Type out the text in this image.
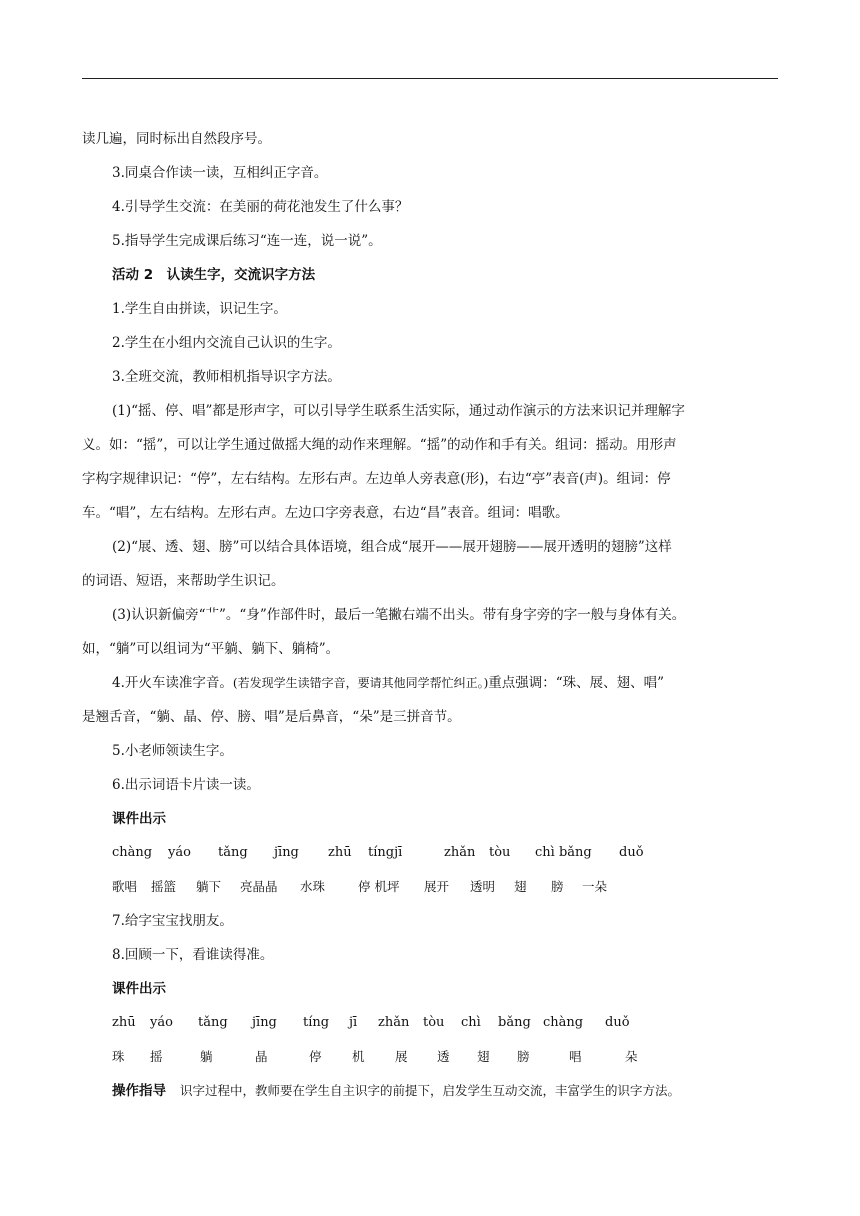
读几遍，同时标出自然段序号。

3.同桌合作读一读，互相纠正字音。

4.引导学生交流：在美丽的荷花池发生了什么事？

5.指导学生完成课后练习“连一连，说一说”。

活动 2　认读生字，交流识字方法

1.学生自由拼读，识记生字。

2.学生在小组内交流自己认识的生字。

3.全班交流，教师相机指导识字方法。

(1)“摇、停、唱”都是形声字，可以引导学生联系生活实际，通过动作演示的方法来识记并理解字

义。如：“摇”，可以让学生通过做摇大绳的动作来理解。“摇”的动作和手有关。组词：摇动。用形声

字构字规律识记：“停”，左右结构。左形右声。左边单人旁表意(形)，右边“亭”表音(声)。组词：停

车。“唱”，左右结构。左形右声。左边口字旁表意，右边“昌”表音。组词：唱歌。

(2)“展、透、翅、膀”可以结合具体语境，组合成“展开——展开翅膀——展开透明的翅膀”这样

的词语、短语，来帮助学生识记。

(3)认识新偏旁“⻀”。“身”作部件时，最后一笔撇右端不出头。带有身字旁的字一般与身体有关。

如，“躺”可以组词为“平躺、躺下、躺椅”。

4.开火车读准字音。(若发现学生读错字音，要请其他同学帮忙纠正。)重点强调：“珠、展、翅、唱”

是翘舌音，“躺、晶、停、膀、唱”是后鼻音，“朵”是三拼音节。

5.小老师领读生字。

6.出示词语卡片读一读。

课件出示

chàng	yáo	tǎng	jīng	zhū	tíngjī	zhǎn	tòu	chì bǎng	duǒ

歌唱	摇篮	躺下	亮晶晶	水珠	停 机坪	展开	透明	翅	膀	一朵

7.给字宝宝找朋友。

8.回顾一下，看谁读得准。

课件出示

zhū	yáo	tǎng	jīng	tíng	jī	zhǎn	tòu	chì	bǎng chàng	duǒ

珠	摇	躺	晶	停	机	展	透	翅	膀	唱	朵

操作指导 识字过程中，教师要在学生自主识字的前提下，启发学生互动交流，丰富学生的识字方法。
